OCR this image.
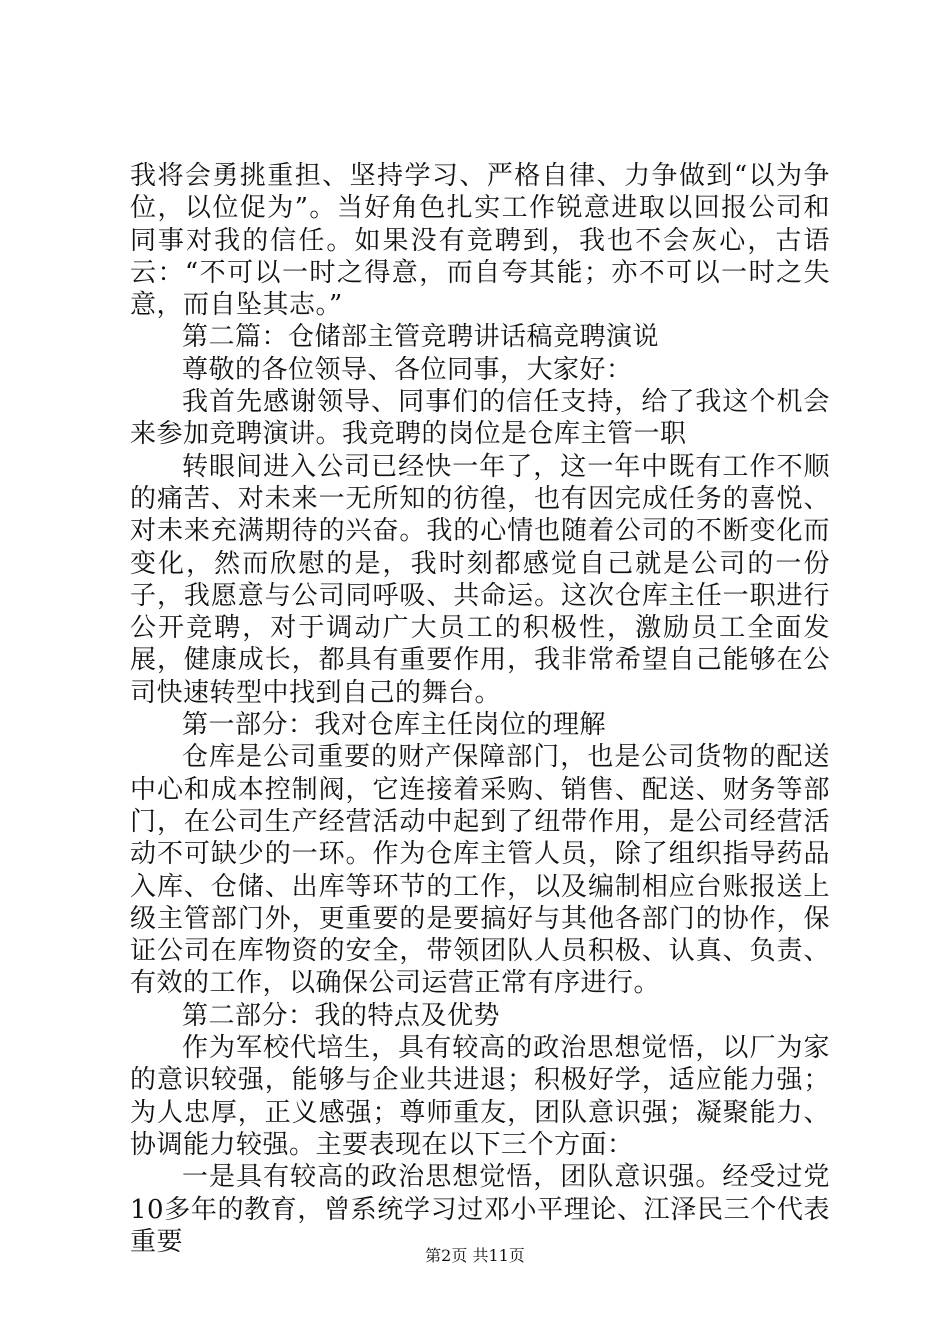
我将会勇挑重担、坚持学习、严格自律、力争做到“以为争位，以位促为”。当好角色扎实工作锐意进取以回报公司和同事对我的信任。如果没有竞聘到，我也不会灰心，古语云：“不可以一时之得意，而自夸其能；亦不可以一时之失意，而自坠其志。”

第二篇：仓储部主管竞聘讲话稿竞聘演说

尊敬的各位领导、各位同事，大家好：

我首先感谢领导、同事们的信任支持，给了我这个机会来参加竞聘演讲。我竞聘的岗位是仓库主管一职

转眼间进入公司已经快一年了，这一年中既有工作不顺的痛苦、对未来一无所知的彷徨，也有因完成任务的喜悦、对未来充满期待的兴奋。我的心情也随着公司的不断变化而变化，然而欣慰的是，我时刻都感觉自己就是公司的一份子，我愿意与公司同呼吸、共命运。这次仓库主任一职进行公开竞聘，对于调动广大员工的积极性，激励员工全面发展，健康成长，都具有重要作用，我非常希望自己能够在公司快速转型中找到自己的舞台。

第一部分：我对仓库主任岗位的理解

仓库是公司重要的财产保障部门，也是公司货物的配送中心和成本控制阀，它连接着采购、销售、配送、财务等部门，在公司生产经营活动中起到了纽带作用，是公司经营活动不可缺少的一环。作为仓库主管人员，除了组织指导药品入库、仓储、出库等环节的工作，以及编制相应台账报送上级主管部门外，更重要的是要搞好与其他各部门的协作，保证公司在库物资的安全，带领团队人员积极、认真、负责、有效的工作，以确保公司运营正常有序进行。

第二部分：我的特点及优势

作为军校代培生，具有较高的政治思想觉悟，以厂为家的意识较强，能够与企业共进退；积极好学，适应能力强；为人忠厚，正义感强；尊师重友，团队意识强；凝聚能力、协调能力较强。主要表现在以下三个方面：

一是具有较高的政治思想觉悟，团队意识强。经受过党10多年的教育，曾系统学习过邓小平理论、江泽民三个代表重要	第2页 共11页
